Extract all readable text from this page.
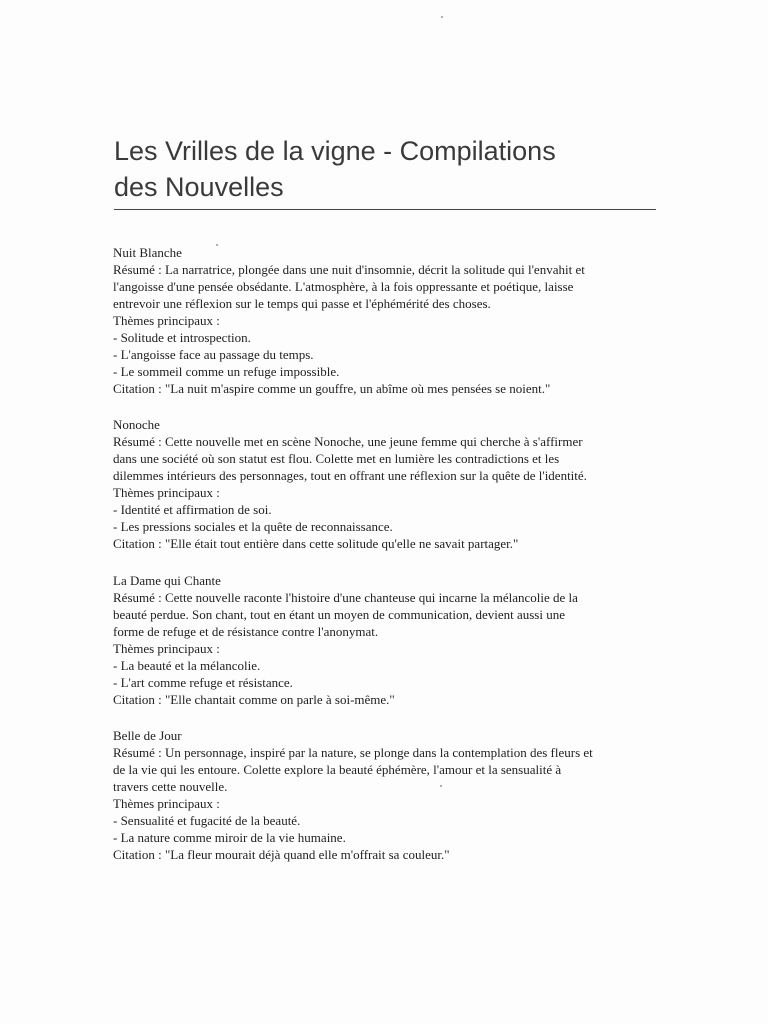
Les Vrilles de la vigne - Compilations
des Nouvelles
Nuit Blanche
Résumé : La narratrice, plongée dans une nuit d'insomnie, décrit la solitude qui l'envahit et
l'angoisse d'une pensée obsédante. L'atmosphère, à la fois oppressante et poétique, laisse
entrevoir une réflexion sur le temps qui passe et l'éphémérité des choses.
Thèmes principaux :
- Solitude et introspection.
- L'angoisse face au passage du temps.
- Le sommeil comme un refuge impossible.
Citation : "La nuit m'aspire comme un gouffre, un abîme où mes pensées se noient."
Nonoche
Résumé : Cette nouvelle met en scène Nonoche, une jeune femme qui cherche à s'affirmer
dans une société où son statut est flou. Colette met en lumière les contradictions et les
dilemmes intérieurs des personnages, tout en offrant une réflexion sur la quête de l'identité.
Thèmes principaux :
- Identité et affirmation de soi.
- Les pressions sociales et la quête de reconnaissance.
Citation : "Elle était tout entière dans cette solitude qu'elle ne savait partager."
La Dame qui Chante
Résumé : Cette nouvelle raconte l'histoire d'une chanteuse qui incarne la mélancolie de la
beauté perdue. Son chant, tout en étant un moyen de communication, devient aussi une
forme de refuge et de résistance contre l'anonymat.
Thèmes principaux :
- La beauté et la mélancolie.
- L'art comme refuge et résistance.
Citation : "Elle chantait comme on parle à soi-même."
Belle de Jour
Résumé : Un personnage, inspiré par la nature, se plonge dans la contemplation des fleurs et
de la vie qui les entoure. Colette explore la beauté éphémère, l'amour et la sensualité à
travers cette nouvelle.
Thèmes principaux :
- Sensualité et fugacité de la beauté.
- La nature comme miroir de la vie humaine.
Citation : "La fleur mourait déjà quand elle m'offrait sa couleur."
